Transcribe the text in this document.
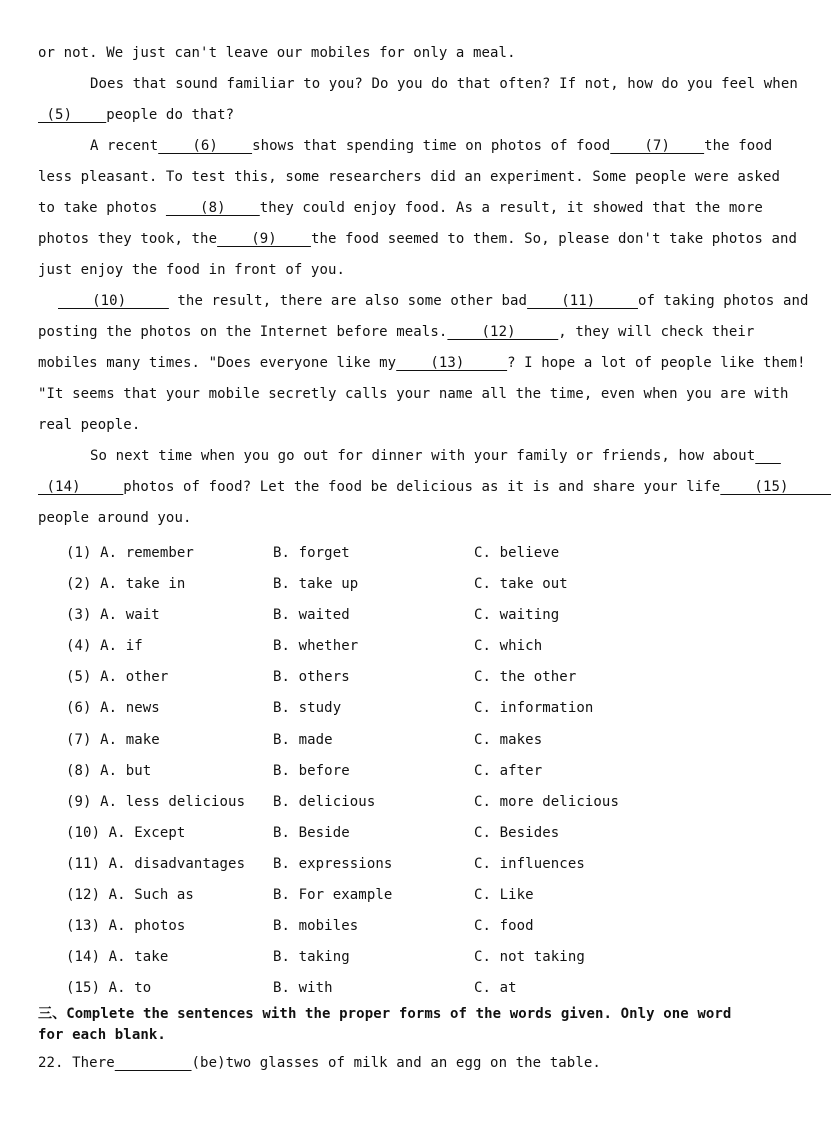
or not. We just can't leave our mobiles for only a meal.
Does that sound familiar to you? Do you do that often? If not, how do you feel when
(5)    people do that?
A recent    (6)    shows that spending time on photos of food    (7)    the food
less pleasant. To test this, some researchers did an experiment. Some people were asked
to take photos     (8)    they could enjoy food. As a result, it showed that the more
photos they took, the    (9)    the food seemed to them. So, please don't take photos and
just enjoy the food in front of you.
(10)      the result, there are also some other bad    (11)     of taking photos and
posting the photos on the Internet before meals.    (12)     , they will check their
mobiles many times. "Does everyone like my    (13)     ? I hope a lot of people like them!
"It seems that your mobile secretly calls your name all the time, even when you are with
real people.
So next time when you go out for dinner with your family or friends, how about
(14)     photos of food? Let the food be delicious as it is and share your life    (15)
people around you.
(1) A. remember	B. forget	C. believe
(2) A. take in	B. take up	C. take out
(3) A. wait	B. waited	C. waiting
(4) A. if	B. whether	C. which
(5) A. other	B. others	C. the other
(6) A. news	B. study	C. information
(7) A. make	B. made	C. makes
(8) A. but	B. before	C. after
(9) A. less delicious B. delicious	C. more delicious
(10) A. Except	B. Beside	C. Besides
(11) A. disadvantages B. expressions	C. influences
(12) A. Such as	B. For example	C. Like
(13) A. photos	B. mobiles	C. food
(14) A. take	B. taking	C. not taking
(15) A. to	B. with	C. at
三、Complete the sentences with the proper forms of the words given. Only one word for each blank.
22. There	(be)two glasses of milk and an egg on the table.
